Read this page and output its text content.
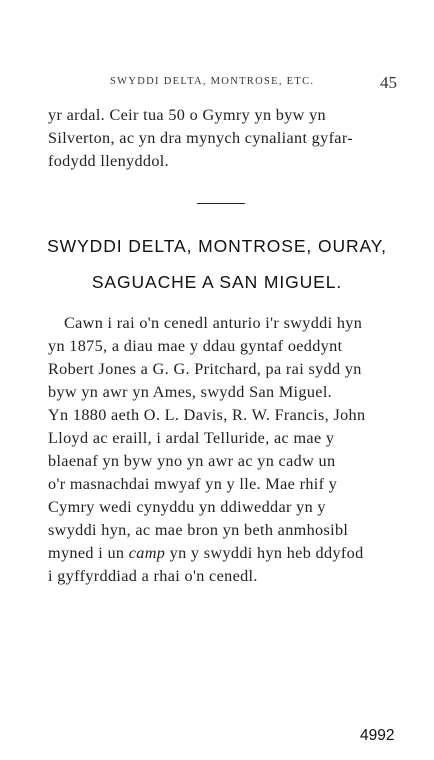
SWYDDI DELTA, MONTROSE, ETC.	45
yr ardal. Ceir tua 50 o Gymry yn byw yn
Silverton, ac yn dra mynych cynaliant gyfar-
fodydd llenyddol.
SWYDDI DELTA, MONTROSE, OURAY,
SAGUACHE A SAN MIGUEL.
Cawn i rai o'n cenedl anturio i'r swyddi hyn
yn 1875, a diau mae y ddau gyntaf oeddynt
Robert Jones a G. G. Pritchard, pa rai sydd yn
byw yn awr yn Ames, swydd San Miguel.
Yn 1880 aeth O. L. Davis, R. W. Francis, John
Lloyd ac eraill, i ardal Telluride, ac mae y
blaenaf yn byw yno yn awr ac yn cadw un
o'r masnachdai mwyaf yn y lle. Mae rhif y
Cymry wedi cynyddu yn ddiweddar yn y
swyddi hyn, ac mae bron yn beth anmhosibl
myned i un camp yn y swyddi hyn heb ddyfod
i gyffyrddiad a rhai o'n cenedl.
4992
